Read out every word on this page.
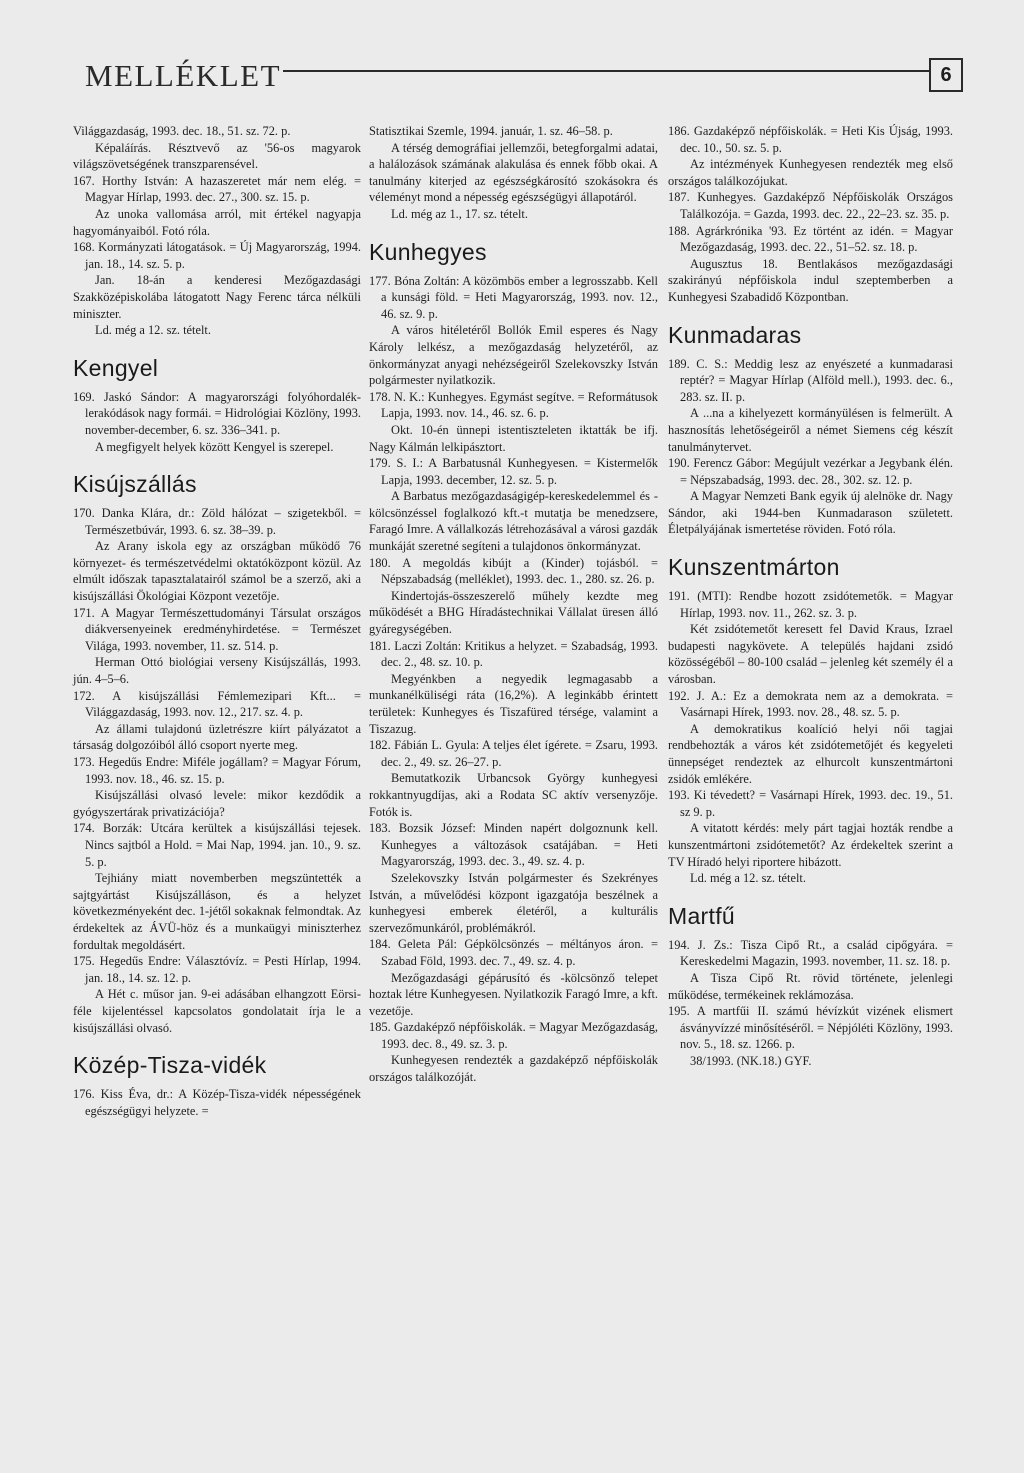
MELLÉKLET	6

Világgazdaság, 1993. dec. 18., 51. sz. 72. p.

Képaláírás. Résztvevő az '56-os magyarok világszövetségének transzparensével.

167. Horthy István: A hazaszeretet már nem elég. = Magyar Hírlap, 1993. dec. 27., 300. sz. 15. p.

Az unoka vallomása arról, mit értékel nagyapja hagyományaiból. Fotó róla.

168. Kormányzati látogatások. = Új Magyarország, 1994. jan. 18., 14. sz. 5. p.

Jan. 18-án a kenderesi Mezőgazdasági Szakközépiskolába látogatott Nagy Ferenc tárca nélküli miniszter.

Ld. még a 12. sz. tételt.

Kengyel

169. Jaskó Sándor: A magyarországi folyóhordalék-lerakódások nagy formái. = Hidrológiai Közlöny, 1993. november-december, 6. sz. 336–341. p.

A megfigyelt helyek között Kengyel is szerepel.

Kisújszállás

170. Danka Klára, dr.: Zöld hálózat – szigetekből. = Természetbúvár, 1993. 6. sz. 38–39. p.

Az Arany iskola egy az országban működő 76 környezet- és természetvédelmi oktatóközpont közül. Az elmúlt időszak tapasztalatairól számol be a szerző, aki a kisújszállási Ökológiai Központ vezetője.

171. A Magyar Természettudományi Társulat országos diákversenyeinek eredményhirdetése. = Természet Világa, 1993. november, 11. sz. 514. p.

Herman Ottó biológiai verseny Kisújszállás, 1993. jún. 4–5–6.

172. A kisújszállási Fémlemezipari Kft... = Világgazdaság, 1993. nov. 12., 217. sz. 4. p.

Az állami tulajdonú üzletrészre kiírt pályázatot a társaság dolgozóiból álló csoport nyerte meg.

173. Hegedűs Endre: Miféle jogállam? = Magyar Fórum, 1993. nov. 18., 46. sz. 15. p.

Kisújszállási olvasó levele: mikor kezdődik a gyógyszertárak privatizációja?

174. Borzák: Utcára kerültek a kisújszállási tejesek. Nincs sajtból a Hold. = Mai Nap, 1994. jan. 10., 9. sz. 5. p.

Tejhiány miatt novemberben megszüntették a sajtgyártást Kisújszálláson, és a helyzet következményeként dec. 1-jétől sokaknak felmondtak. Az érdekeltek az ÁVÜ-höz és a munkaügyi miniszterhez fordultak megoldásért.

175. Hegedűs Endre: Választóvíz. = Pesti Hírlap, 1994. jan. 18., 14. sz. 12. p.

A Hét c. műsor jan. 9-ei adásában elhangzott Eörsi-féle kijelentéssel kapcsolatos gondolatait írja le a kisújszállási olvasó.

Közép-Tisza-vidék

176. Kiss Éva, dr.: A Közép-Tisza-vidék népességének egészségügyi helyzete. =

Statisztikai Szemle, 1994. január, 1. sz. 46–58. p.

A térség demográfiai jellemzői, betegforgalmi adatai, a halálozások számának alakulása és ennek főbb okai. A tanulmány kiterjed az egészségkárosító szokásokra és véleményt mond a népesség egészségügyi állapotáról.

Ld. még az 1., 17. sz. tételt.

Kunhegyes

177. Bóna Zoltán: A közömbös ember a legrosszabb. Kell a kunsági föld. = Heti Magyarország, 1993. nov. 12., 46. sz. 9. p.

A város hitéletéről Bollók Emil esperes és Nagy Károly lelkész, a mezőgazdaság helyzetéről, az önkormányzat anyagi nehézségeiről Szelekovszky István polgármester nyilatkozik.

178. N. K.: Kunhegyes. Egymást segítve. = Reformátusok Lapja, 1993. nov. 14., 46. sz. 6. p.

Okt. 10-én ünnepi istentiszteleten iktatták be ifj. Nagy Kálmán lelkipásztort.

179. S. I.: A Barbatusnál Kunhegyesen. = Kistermelők Lapja, 1993. december, 12. sz. 5. p.

A Barbatus mezőgazdaságigép-kereskedelemmel és -kölcsönzéssel foglalkozó kft.-t mutatja be menedzsere, Faragó Imre. A vállalkozás létrehozásával a városi gazdák munkáját szeretné segíteni a tulajdonos önkormányzat.

180. A megoldás kibújt a (Kinder) tojásból. = Népszabadság (melléklet), 1993. dec. 1., 280. sz. 26. p.

Kindertojás-összeszerelő műhely kezdte meg működését a BHG Híradástechnikai Vállalat üresen álló gyáregységében.

181. Laczi Zoltán: Kritikus a helyzet. = Szabadság, 1993. dec. 2., 48. sz. 10. p.

Megyénkben a negyedik legmagasabb a munkanélküliségi ráta (16,2%). A leginkább érintett területek: Kunhegyes és Tiszafüred térsége, valamint a Tiszazug.

182. Fábián L. Gyula: A teljes élet ígérete. = Zsaru, 1993. dec. 2., 49. sz. 26–27. p.

Bemutatkozik Urbancsok György kunhegyesi rokkantnyugdíjas, aki a Rodata SC aktív versenyzője. Fotók is.

183. Bozsik József: Minden napért dolgoznunk kell. Kunhegyes a változások csatájában. = Heti Magyarország, 1993. dec. 3., 49. sz. 4. p.

Szelekovszky István polgármester és Szekrényes István, a művelődési központ igazgatója beszélnek a kunhegyesi emberek életéről, a kulturális szervezőmunkáról, problémákról.

184. Geleta Pál: Gépkölcsönzés – méltányos áron. = Szabad Föld, 1993. dec. 7., 49. sz. 4. p.

Mezőgazdasági gépárusító és -kölcsönző telepet hoztak létre Kunhegyesen. Nyilatkozik Faragó Imre, a kft. vezetője.

185. Gazdaképző népfőiskolák. = Magyar Mezőgazdaság, 1993. dec. 8., 49. sz. 3. p.

Kunhegyesen rendezték a gazdaképző népfőiskolák országos találkozóját.

186. Gazdaképző népfőiskolák. = Heti Kis Újság, 1993. dec. 10., 50. sz. 5. p.

Az intézmények Kunhegyesen rendezték meg első országos találkozójukat.

187. Kunhegyes. Gazdaképző Népfőiskolák Országos Találkozója. = Gazda, 1993. dec. 22., 22–23. sz. 35. p.

188. Agrárkrónika '93. Ez történt az idén. = Magyar Mezőgazdaság, 1993. dec. 22., 51–52. sz. 18. p.

Augusztus 18. Bentlakásos mezőgazdasági szakirányú népfőiskola indul szeptemberben a Kunhegyesi Szabadidő Központban.

Kunmadaras

189. C. S.: Meddig lesz az enyészeté a kunmadarasi reptér? = Magyar Hírlap (Alföld mell.), 1993. dec. 6., 283. sz. II. p.

A ...na a kihelyezett kormányülésen is felmerült. A hasznosítás lehetőségeiről a német Siemens cég készít tanulmánytervet.

190. Ferencz Gábor: Megújult vezérkar a Jegybank élén. = Népszabadság, 1993. dec. 28., 302. sz. 12. p.

A Magyar Nemzeti Bank egyik új alelnöke dr. Nagy Sándor, aki 1944-ben Kunmadarason született. Életpályájának ismertetése röviden. Fotó róla.

Kunszentmárton

191. (MTI): Rendbe hozott zsidótemetők. = Magyar Hírlap, 1993. nov. 11., 262. sz. 3. p.

Két zsidótemetőt keresett fel David Kraus, Izrael budapesti nagykövete. A település hajdani zsidó közösségéből – 80-100 család – jelenleg két személy él a városban.

192. J. A.: Ez a demokrata nem az a demokrata. = Vasárnapi Hírek, 1993. nov. 28., 48. sz. 5. p.

A demokratikus koalíció helyi női tagjai rendbehozták a város két zsidótemetőjét és kegyeleti ünnepséget rendeztek az elhurcolt kunszentmártoni zsidók emlékére.

193. Ki tévedett? = Vasárnapi Hírek, 1993. dec. 19., 51. sz 9. p.

A vitatott kérdés: mely párt tagjai hozták rendbe a kunszentmártoni zsidótemetőt? Az érdekeltek szerint a TV Híradó helyi riportere hibázott.

Ld. még a 12. sz. tételt.

Martfű

194. J. Zs.: Tisza Cipő Rt., a család cipőgyára. = Kereskedelmi Magazin, 1993. november, 11. sz. 18. p.

A Tisza Cipő Rt. rövid története, jelenlegi működése, termékeinek reklámozása.

195. A martfűi II. számú hévízkút vizének elismert ásványvízzé minősítéséről. = Népjóléti Közlöny, 1993. nov. 5., 18. sz. 1266. p.

38/1993. (NK.18.) GYF.
